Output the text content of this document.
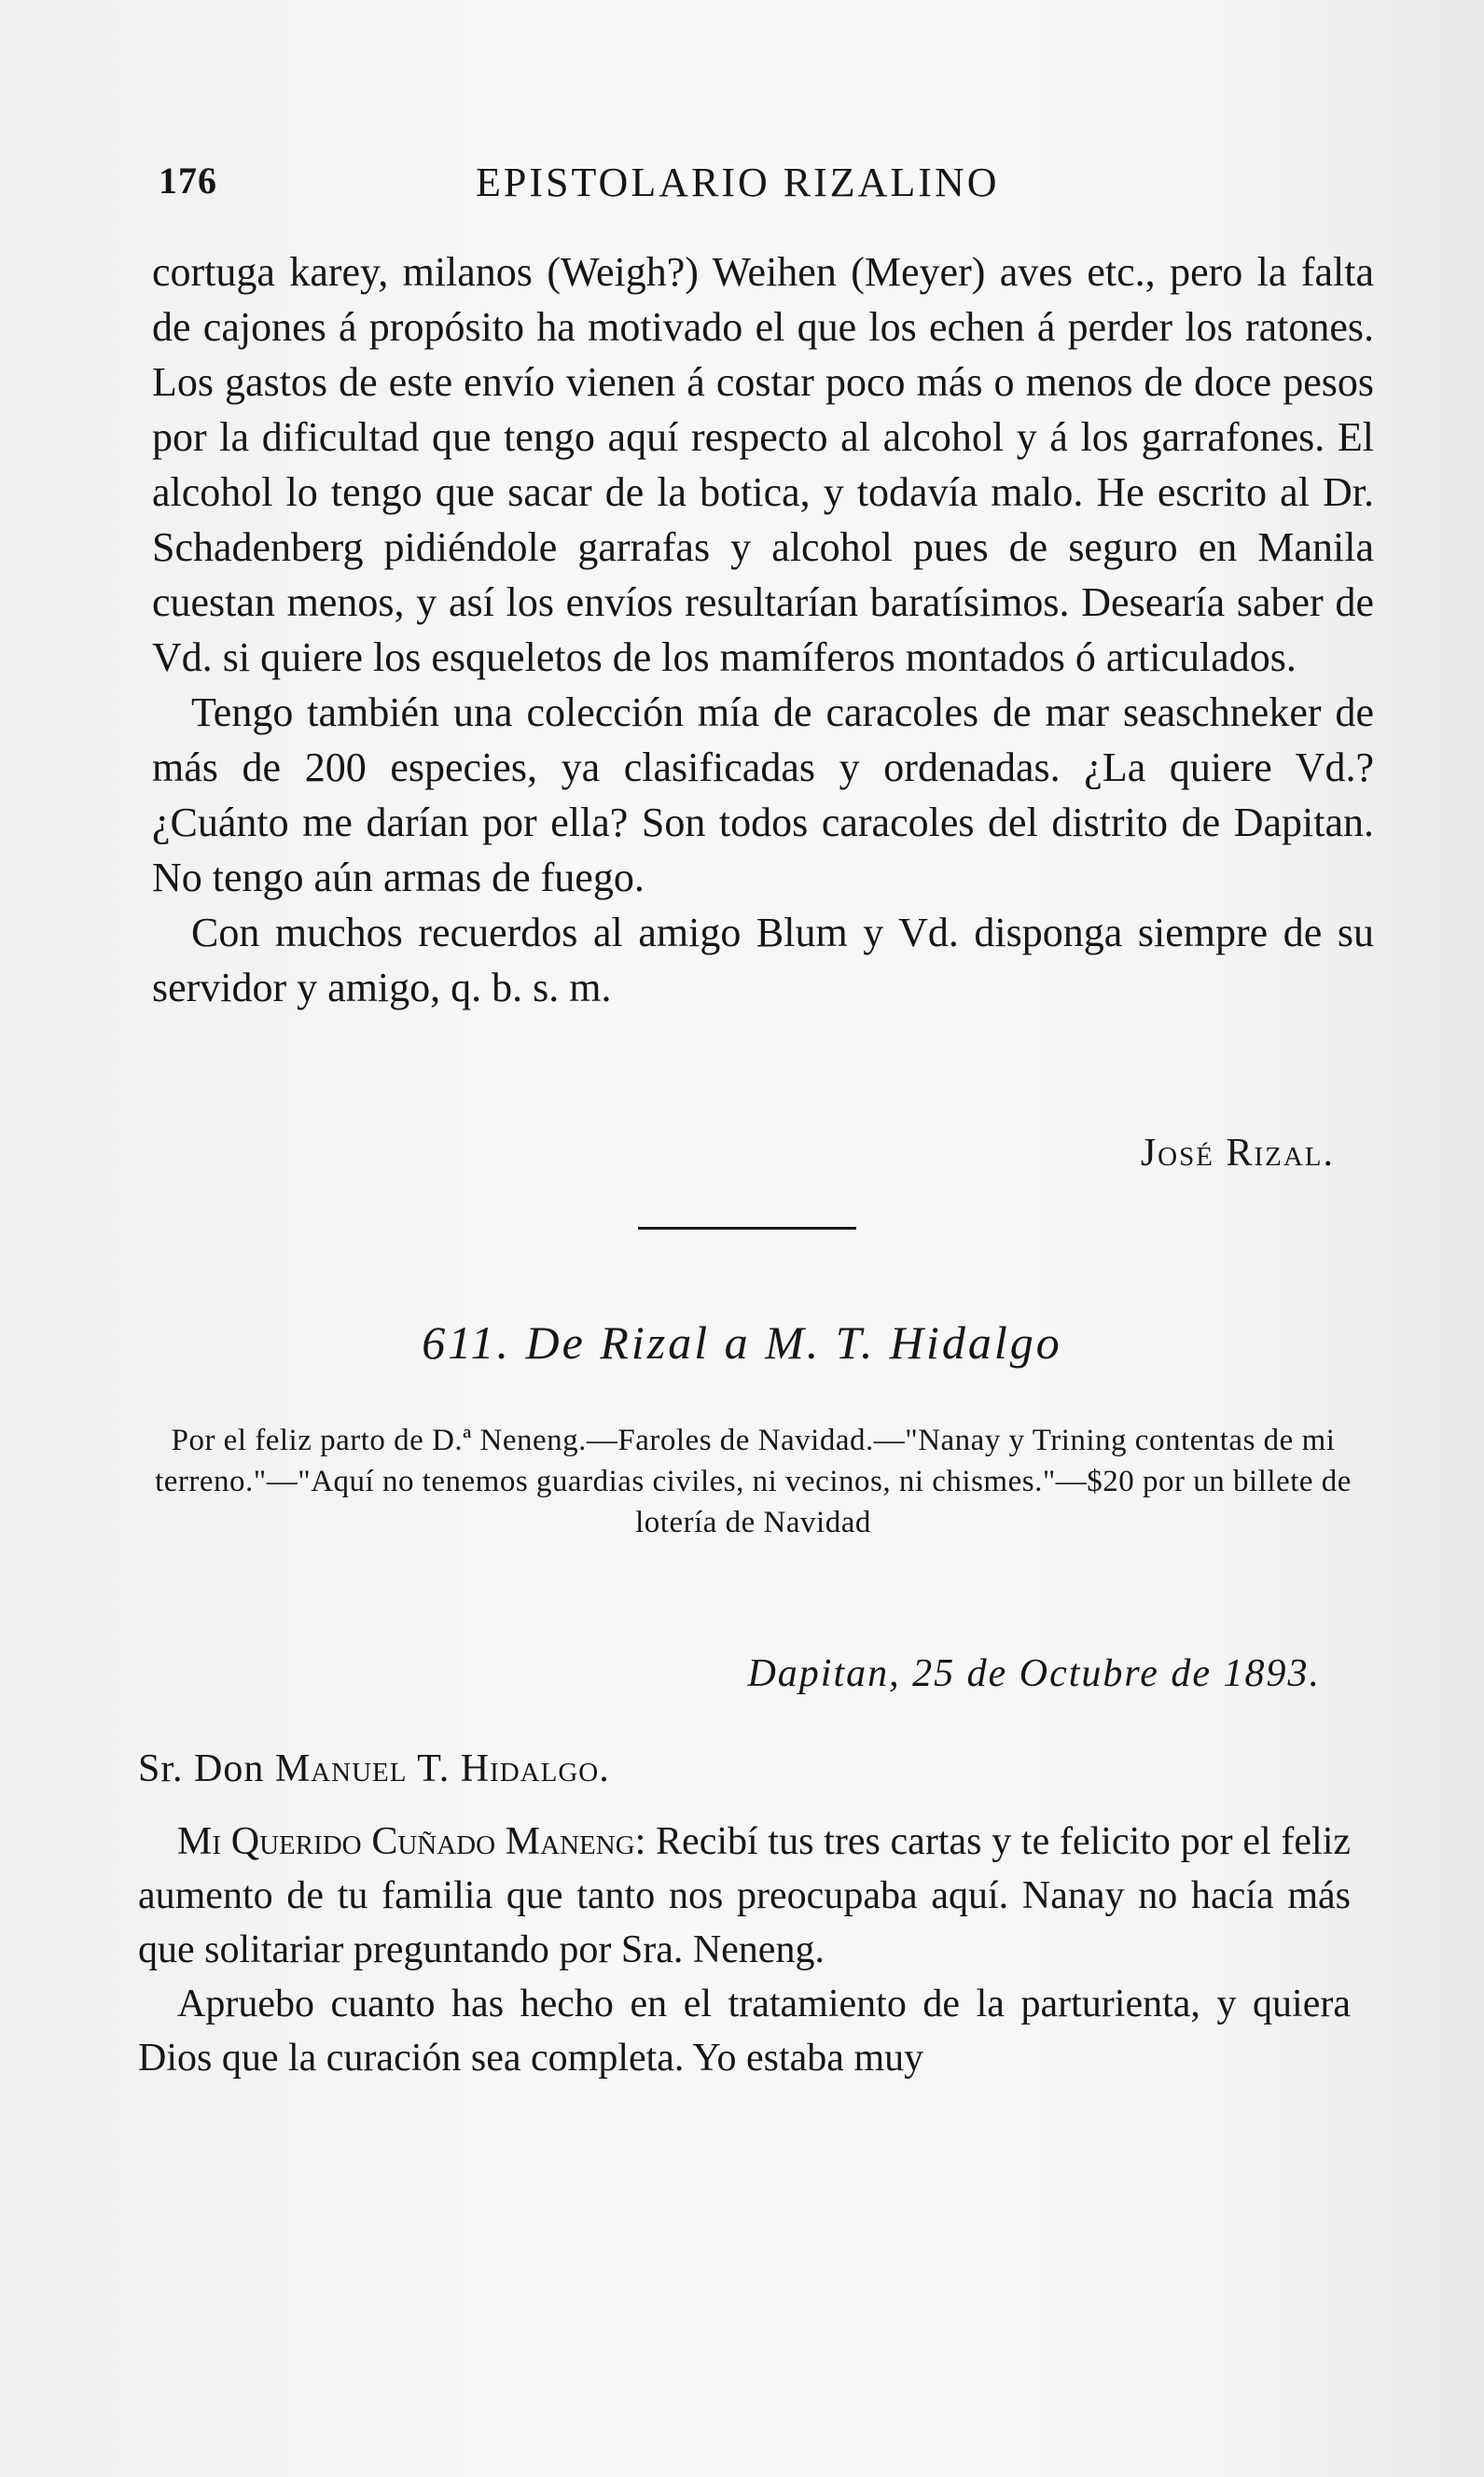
176	EPISTOLARIO RIZALINO

cortuga karey, milanos (Weigh?) Weihen (Meyer) aves etc., pero la falta de cajones á propósito ha motivado el que los echen á perder los ratones. Los gastos de este envío vienen á costar poco más o menos de doce pesos por la dificultad que tengo aquí respecto al alcohol y á los garrafones. El alcohol lo tengo que sacar de la botica, y todavía malo. He escrito al Dr. Schadenberg pidiéndole garrafas y alcohol pues de seguro en Manila cuestan menos, y así los envíos resultarían baratísimos. Desearía saber de Vd. si quiere los esqueletos de los mamíferos montados ó articulados.

Tengo también una colección mía de caracoles de mar seaschneker de más de 200 especies, ya clasificadas y ordenadas. ¿La quiere Vd.? ¿Cuánto me darían por ella? Son todos caracoles del distrito de Dapitan. No tengo aún armas de fuego.

Con muchos recuerdos al amigo Blum y Vd. disponga siempre de su servidor y amigo, q. b. s. m.

José Rizal.
611. De Rizal a M. T. Hidalgo
Por el feliz parto de D.ª Neneng.—Faroles de Navidad.—"Nanay y Trining contentas de mi terreno."—"Aquí no tenemos guardias civiles, ni vecinos, ni chismes."—$20 por un billete de lotería de Navidad
Dapitan, 25 de Octubre de 1893.
Sr. Don Manuel T. Hidalgo.

Mi Querido Cuñado Maneng: Recibí tus tres cartas y te felicito por el feliz aumento de tu familia que tanto nos preocupaba aquí. Nanay no hacía más que solitariar preguntando por Sra. Neneng.

Apruebo cuanto has hecho en el tratamiento de la parturienta, y quiera Dios que la curación sea completa. Yo estaba muy
